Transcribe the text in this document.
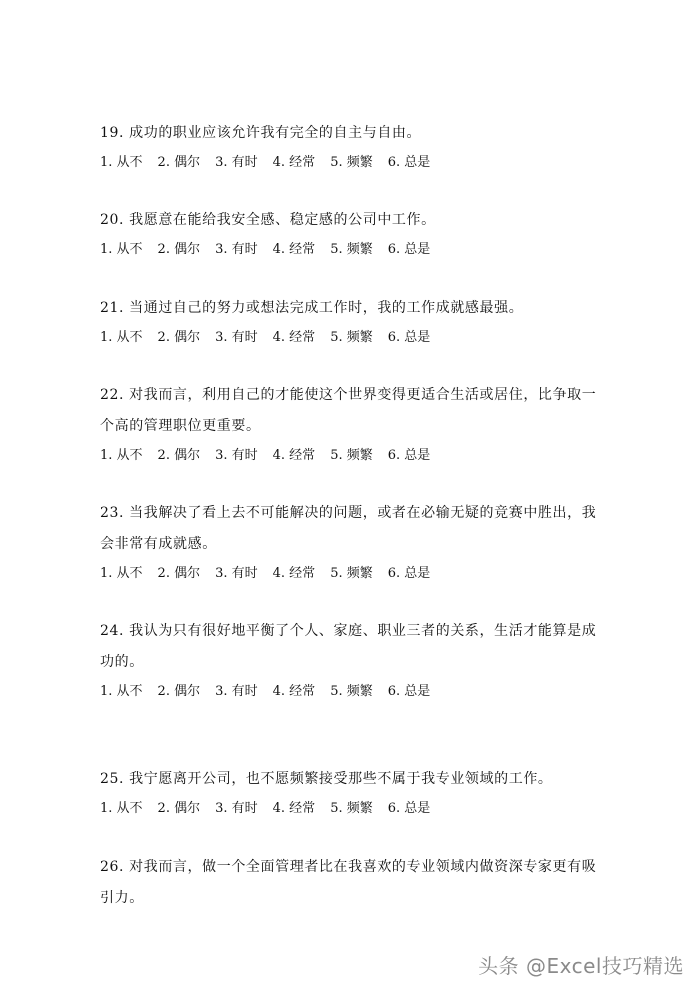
19. 成功的职业应该允许我有完全的自主与自由。

1. 从不 2. 偶尔 3. 有时 4. 经常 5. 频繁 6. 总是

20. 我愿意在能给我安全感、稳定感的公司中工作。

1. 从不 2. 偶尔 3. 有时 4. 经常 5. 频繁 6. 总是

21. 当通过自己的努力或想法完成工作时，我的工作成就感最强。

1. 从不 2. 偶尔 3. 有时 4. 经常 5. 频繁 6. 总是

22. 对我而言，利用自己的才能使这个世界变得更适合生活或居住，比争取一个高的管理职位更重要。

1. 从不 2. 偶尔 3. 有时 4. 经常 5. 频繁 6. 总是

23. 当我解决了看上去不可能解决的问题，或者在必输无疑的竞赛中胜出，我会非常有成就感。

1. 从不 2. 偶尔 3. 有时 4. 经常 5. 频繁 6. 总是

24. 我认为只有很好地平衡了个人、家庭、职业三者的关系，生活才能算是成功的。

1. 从不 2. 偶尔 3. 有时 4. 经常 5. 频繁 6. 总是

25. 我宁愿离开公司，也不愿频繁接受那些不属于我专业领域的工作。

1. 从不 2. 偶尔 3. 有时 4. 经常 5. 频繁 6. 总是

26. 对我而言，做一个全面管理者比在我喜欢的专业领域内做资深专家更有吸引力。

头条 @Excel技巧精选
